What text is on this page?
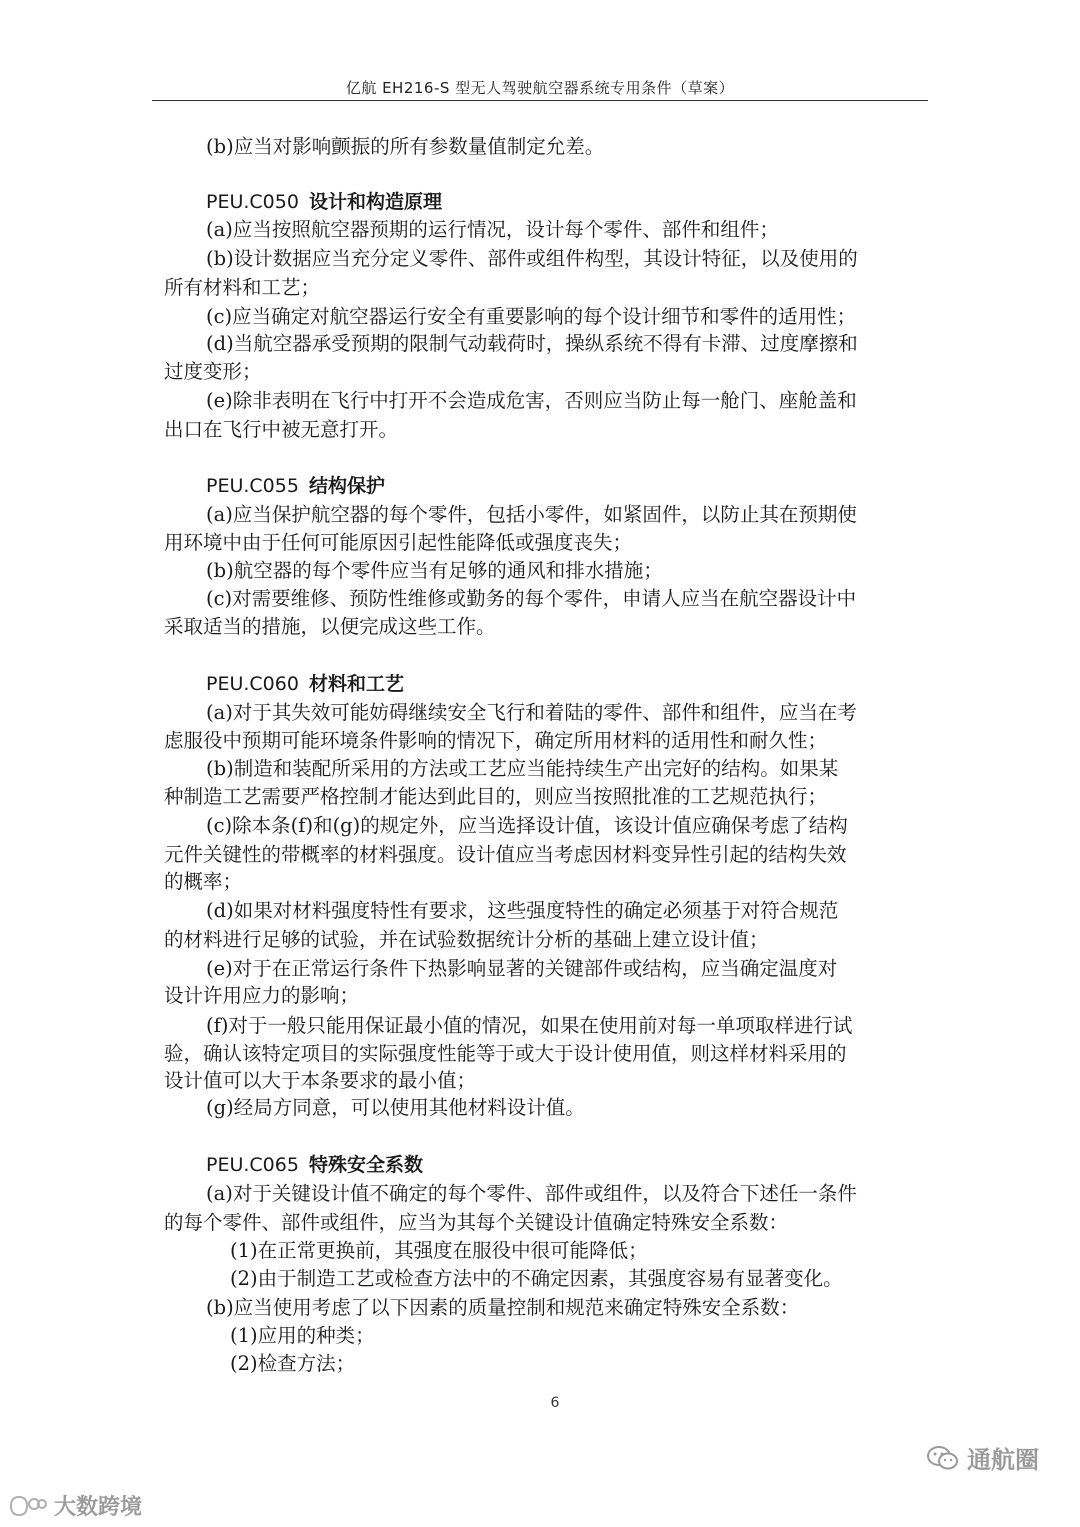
亿航 EH216-S 型无人驾驶航空器系统专用条件（草案）
(b)应当对影响颤振的所有参数量值制定允差。
PEU.C050 设计和构造原理
(a)应当按照航空器预期的运行情况，设计每个零件、部件和组件；
(b)设计数据应当充分定义零件、部件或组件构型，其设计特征，以及使用的
所有材料和工艺；
(c)应当确定对航空器运行安全有重要影响的每个设计细节和零件的适用性；
(d)当航空器承受预期的限制气动载荷时，操纵系统不得有卡滞、过度摩擦和
过度变形；
(e)除非表明在飞行中打开不会造成危害，否则应当防止每一舱门、座舱盖和
出口在飞行中被无意打开。
PEU.C055 结构保护
(a)应当保护航空器的每个零件，包括小零件，如紧固件，以防止其在预期使
用环境中由于任何可能原因引起性能降低或强度丧失；
(b)航空器的每个零件应当有足够的通风和排水措施；
(c)对需要维修、预防性维修或勤务的每个零件，申请人应当在航空器设计中
采取适当的措施，以便完成这些工作。
PEU.C060 材料和工艺
(a)对于其失效可能妨碍继续安全飞行和着陆的零件、部件和组件，应当在考
虑服役中预期可能环境条件影响的情况下，确定所用材料的适用性和耐久性；
(b)制造和装配所采用的方法或工艺应当能持续生产出完好的结构。如果某
种制造工艺需要严格控制才能达到此目的，则应当按照批准的工艺规范执行；
(c)除本条(f)和(g)的规定外，应当选择设计值，该设计值应确保考虑了结构
元件关键性的带概率的材料强度。设计值应当考虑因材料变异性引起的结构失效
的概率；
(d)如果对材料强度特性有要求，这些强度特性的确定必须基于对符合规范
的材料进行足够的试验，并在试验数据统计分析的基础上建立设计值；
(e)对于在正常运行条件下热影响显著的关键部件或结构，应当确定温度对
设计许用应力的影响；
(f)对于一般只能用保证最小值的情况，如果在使用前对每一单项取样进行试
验，确认该特定项目的实际强度性能等于或大于设计使用值，则这样材料采用的
设计值可以大于本条要求的最小值；
(g)经局方同意，可以使用其他材料设计值。
PEU.C065 特殊安全系数
(a)对于关键设计值不确定的每个零件、部件或组件，以及符合下述任一条件
的每个零件、部件或组件，应当为其每个关键设计值确定特殊安全系数：
(1)在正常更换前，其强度在服役中很可能降低；
(2)由于制造工艺或检查方法中的不确定因素，其强度容易有显著变化。
(b)应当使用考虑了以下因素的质量控制和规范来确定特殊安全系数：
(1)应用的种类；
(2)检查方法；
6
通航圈
大数跨境
